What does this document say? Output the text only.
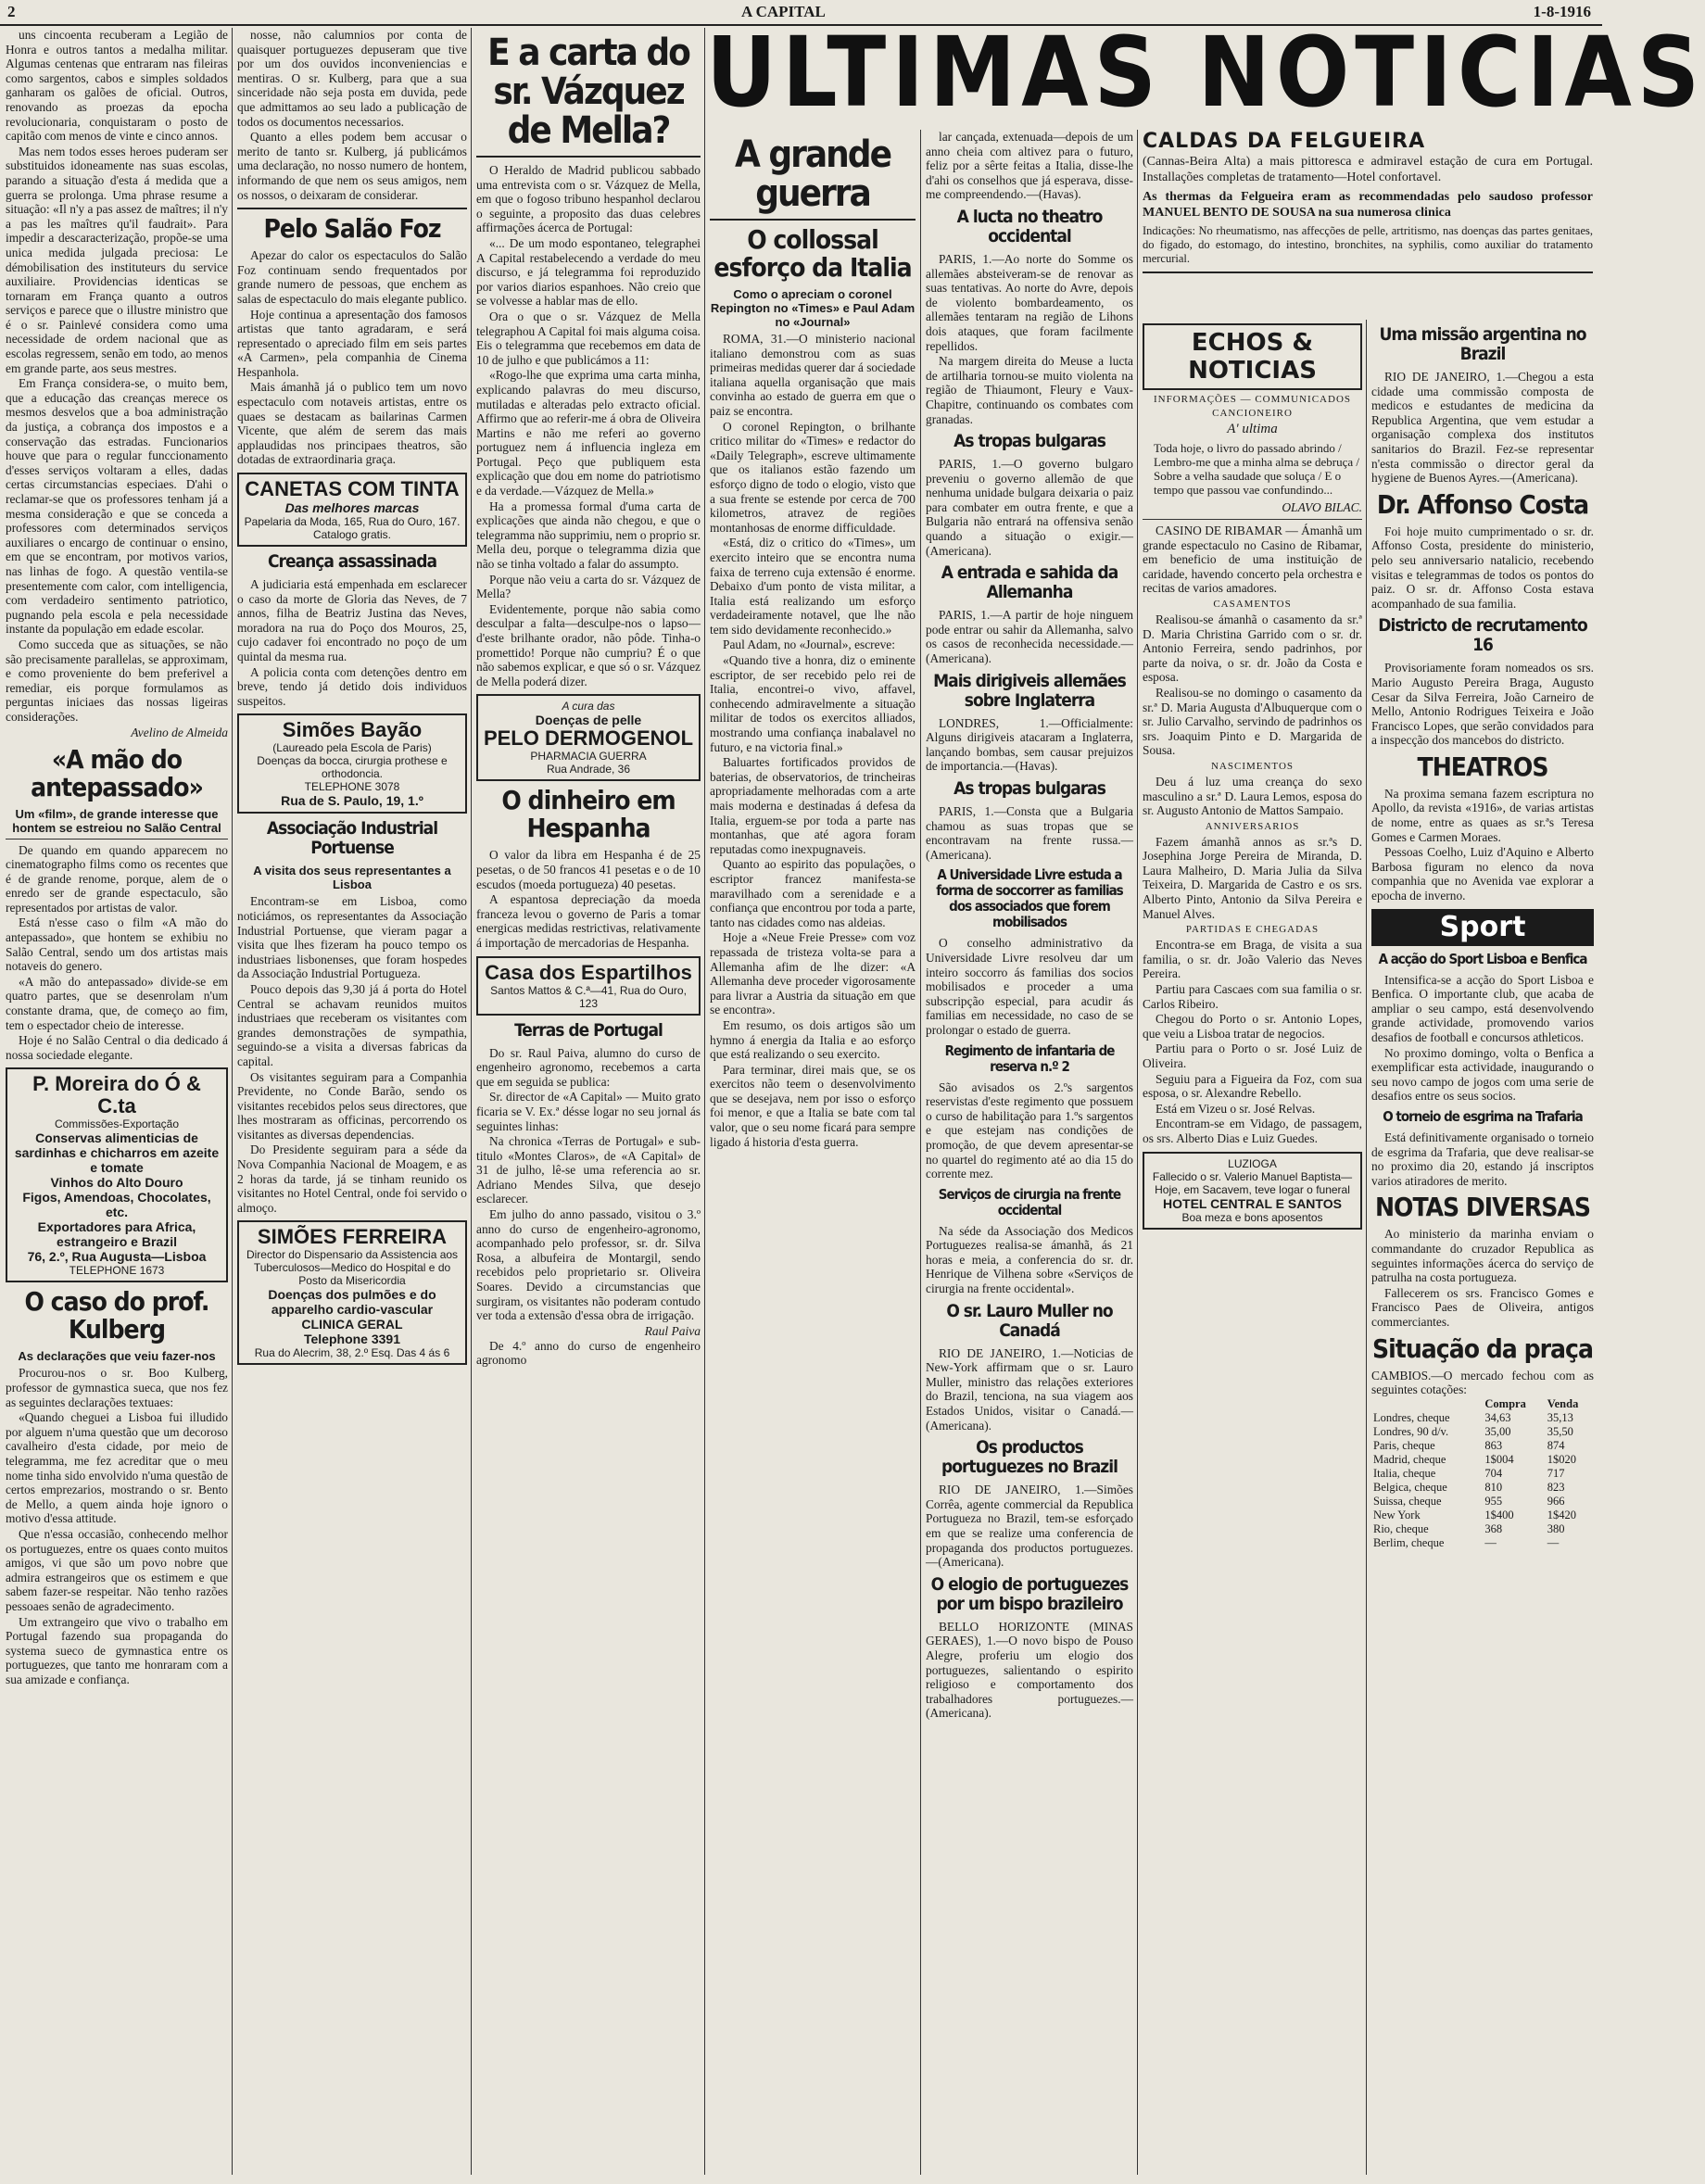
2	A CAPITAL	1-8-1916
ULTIMAS NOTICIAS

uns cincoenta recuberam a Legião de Honra e outros tantos a medalha militar. Algumas centenas que entraram nas fileiras como sargentos, cabos e simples soldados ganharam os galões de oficial. Outros, renovando as proezas da epocha revolucionaria, conquistaram o posto de capitão com menos de vinte e cinco annos.

Mas nem todos esses heroes puderam ser substituidos idoneamente nas suas escolas, parando a situação d'esta á medida que a guerra se prolonga. Uma phrase resume a situação: «Il n'y a pas assez de maîtres; il n'y a pas les maîtres qu'il faudrait». Para impedir a descaracterização, propõe-se uma unica medida julgada preciosa: Le démobilisation des instituteurs du service auxiliaire. Providencias identicas se tornaram em França quanto a outros serviços e parece que o illustre ministro que é o sr. Painlevé considera como uma necessidade de ordem nacional que as escolas regressem, senão em todo, ao menos em grande parte, aos seus mestres.

Em França considera-se, o muito bem, que a educação das creanças merece os mesmos desvelos que a boa administração da justiça, a cobrança dos impostos e a conservação das estradas. Funcionarios houve que para o regular funccionamento d'esses serviços voltaram a elles, dadas certas circumstancias especiaes. D'ahi o reclamar-se que os professores tenham já a mesma consideração e que se conceda a professores com determinados serviços auxiliares o encargo de continuar o ensino, em que se encontram, por motivos varios, nas linhas de fogo. A questão ventila-se presentemente com calor, com intelligencia, com verdadeiro sentimento patriotico, pugnando pela escola e pela necessidade instante da população em edade escolar.

Como succeda que as situações, se não são precisamente parallelas, se approximam, e como proveniente do bem preferivel a remediar, eis porque formulamos as perguntas iniciaes das nossas ligeiras considerações.

Avelino de Almeida
«A mão do antepassado»
Um «film», de grande interesse que hontem se estreiou no Salão Central

De quando em quando apparecem no cinematographo films como os recentes que é de grande renome, porque, alem de o enredo ser de grande espectaculo, são representados por artistas de valor.

Está n'esse caso o film «A mão do antepassado», que hontem se exhibiu no Salão Central, sendo um dos artistas mais notaveis do genero.

«A mão do antepassado» divide-se em quatro partes, que se desenrolam n'um constante drama, que, de começo ao fim, tem o espectador cheio de interesse.

Hoje é no Salão Central o dia dedicado á nossa sociedade elegante.

P. Moreira do Ó & C.ta
Commissões-Exportação
Conservas alimenticias de sardinhas e chicharros em azeite e tomate
Vinhos do Alto Douro
Figos, Amendoas, Chocolates, etc.
Exportadores para Africa, estrangeiro e Brazil
76, 2.º, Rua Augusta—Lisboa
TELEPHONE 1673
O caso do prof. Kulberg
As declarações que veiu fazer-nos

Procurou-nos o sr. Boo Kulberg, professor de gymnastica sueca, que nos fez as seguintes declarações textuaes:

«Quando cheguei a Lisboa fui illudido por alguem n'uma questão que um decoroso cavalheiro d'esta cidade, por meio de telegramma, me fez acreditar que o meu nome tinha sido envolvido n'uma questão de certos emprezarios, mostrando o sr. Bento de Mello, a quem ainda hoje ignoro o motivo d'essa attitude.

Que n'essa occasião, conhecendo melhor os portuguezes, entre os quaes conto muitos amigos, vi que são um povo nobre que admira estrangeiros que os estimem e que sabem fazer-se respeitar. Não tenho razões pessoaes senão de agradecimento.

Um extrangeiro que vivo o trabalho em Portugal fazendo sua propaganda do systema sueco de gymnastica entre os portuguezes, que tanto me honraram com a sua amizade e confiança.

nosse, não calumnios por conta de quaisquer portuguezes depuseram que tive por um dos ouvidos inconveniencias e mentiras. O sr. Kulberg, para que a sua sinceridade não seja posta em duvida, pede que admittamos ao seu lado a publicação de todos os documentos necessarios.

Quanto a elles podem bem accusar o merito de tanto sr. Kulberg, já publicámos uma declaração, no nosso numero de hontem, informando de que nem os seus amigos, nem os nossos, o deixaram de considerar.

Pelo Salão Foz

Apezar do calor os espectaculos do Salão Foz continuam sendo frequentados por grande numero de pessoas, que enchem as salas de espectaculo do mais elegante publico.

Hoje continua a apresentação dos famosos artistas que tanto agradaram, e será representado o apreciado film em seis partes «A Carmen», pela companhia de Cinema Hespanhola.

Mais ámanhã já o publico tem um novo espectaculo com notaveis artistas, entre os quaes se destacam as bailarinas Carmen Vicente, que além de serem das mais applaudidas nos principaes theatros, são dotadas de extraordinaria graça.

CANETAS COM TINTA
Das melhores marcas
Papelaria da Moda, 165, Rua do Ouro, 167. Catalogo gratis.
Creança assassinada

A judiciaria está empenhada em esclarecer o caso da morte de Gloria das Neves, de 7 annos, filha de Beatriz Justina das Neves, moradora na rua do Poço dos Mouros, 25, cujo cadaver foi encontrado no poço de um quintal da mesma rua.

A policia conta com detenções dentro em breve, tendo já detido dois individuos suspeitos.

Simões Bayão
(Laureado pela Escola de Paris)
Doenças da bocca, cirurgia prothese e orthodoncia.
TELEPHONE 3078
Rua de S. Paulo, 19, 1.º
Associação Industrial Portuense
A visita dos seus representantes a Lisboa

Encontram-se em Lisboa, como noticiámos, os representantes da Associação Industrial Portuense, que vieram pagar a visita que lhes fizeram ha pouco tempo os industriaes lisbonenses, que foram hospedes da Associação Industrial Portugueza.

Pouco depois das 9,30 já á porta do Hotel Central se achavam reunidos muitos industriaes que receberam os visitantes com grandes demonstrações de sympathia, seguindo-se a visita a diversas fabricas da capital.

Os visitantes seguiram para a Companhia Previdente, no Conde Barão, sendo os visitantes recebidos pelos seus directores, que lhes mostraram as officinas, percorrendo os visitantes as diversas dependencias.

Do Presidente seguiram para a séde da Nova Companhia Nacional de Moagem, e as 2 horas da tarde, já se tinham reunido os visitantes no Hotel Central, onde foi servido o almoço.

SIMÕES FERREIRA
Director do Dispensario da Assistencia aos Tuberculosos—Medico do Hospital e do Posto da Misericordia
Doenças dos pulmões e do apparelho cardio-vascular
CLINICA GERAL
Telephone 3391
Rua do Alecrim, 38, 2.º Esq. Das 4 ás 6
E a carta do sr. Vázquez de Mella?

O Heraldo de Madrid publicou sabbado uma entrevista com o sr. Vázquez de Mella, em que o fogoso tribuno hespanhol declarou o seguinte, a proposito das duas celebres affirmações ácerca de Portugal:

«... De um modo espontaneo, telegraphei A Capital restabelecendo a verdade do meu discurso, e já telegramma foi reproduzido por varios diarios espanhoes. Não creio que se volvesse a hablar mas de ello.

Ora o que o sr. Vázquez de Mella telegraphou A Capital foi mais alguma coisa. Eis o telegramma que recebemos em data de 10 de julho e que publicámos a 11:

«Rogo-lhe que exprima uma carta minha, explicando palavras do meu discurso, mutiladas e alteradas pelo extracto oficial. Affirmo que ao referir-me á obra de Oliveira Martins e não me referi ao governo portuguez nem á influencia ingleza em Portugal. Peço que publiquem esta explicação que dou em nome do patriotismo e da verdade.—Vázquez de Mella.»

Ha a promessa formal d'uma carta de explicações que ainda não chegou, e que o telegramma não supprimiu, nem o proprio sr. Mella deu, porque o telegramma dizia que não se tinha voltado a falar do assumpto.

Porque não veiu a carta do sr. Vázquez de Mella?

Evidentemente, porque não sabia como desculpar a falta—desculpe-nos o lapso—d'este brilhante orador, não pôde. Tinha-o promettido! Porque não cumpriu? É o que não sabemos explicar, e que só o sr. Vázquez de Mella poderá dizer.

A cura das
Doenças de pelle
PELO DERMOGENOL
PHARMACIA GUERRA
Rua Andrade, 36
O dinheiro em Hespanha

O valor da libra em Hespanha é de 25 pesetas, o de 50 francos 41 pesetas e o de 10 escudos (moeda portugueza) 40 pesetas.

A espantosa depreciação da moeda franceza levou o governo de Paris a tomar energicas medidas restrictivas, relativamente á importação de mercadorias de Hespanha.

Casa dos Espartilhos
Santos Mattos & C.ª—41, Rua do Ouro, 123
Terras de Portugal

Do sr. Raul Paiva, alumno do curso de engenheiro agronomo, recebemos a carta que em seguida se publica:

Sr. director de «A Capital» — Muito grato ficaria se V. Ex.ª désse logar no seu jornal ás seguintes linhas:

Na chronica «Terras de Portugal» e sub-titulo «Montes Claros», de «A Capital» de 31 de julho, lê-se uma referencia ao sr. Adriano Mendes Silva, que desejo esclarecer.

Em julho do anno passado, visitou o 3.º anno do curso de engenheiro-agronomo, acompanhado pelo professor, sr. dr. Silva Rosa, a albufeira de Montargil, sendo recebidos pelo proprietario sr. Oliveira Soares. Devido a circumstancias que surgiram, os visitantes não poderam contudo ver toda a extensão d'essa obra de irrigação.

Raul Paiva

De 4.º anno do curso de engenheiro agronomo

A grande guerra
O collossal esforço da Italia
Como o apreciam o coronel Repington no «Times» e Paul Adam no «Journal»

ROMA, 31.—O ministerio nacional italiano demonstrou com as suas primeiras medidas querer dar á sociedade italiana aquella organisação que mais convinha ao estado de guerra em que o paiz se encontra.

O coronel Repington, o brilhante critico militar do «Times» e redactor do «Daily Telegraph», escreve ultimamente que os italianos estão fazendo um esforço digno de todo o elogio, visto que a sua frente se estende por cerca de 700 kilometros, atravez de regiões montanhosas de enorme difficuldade.

«Está, diz o critico do «Times», um exercito inteiro que se encontra numa faixa de terreno cuja extensão é enorme. Debaixo d'um ponto de vista militar, a Italia está realizando um esforço verdadeiramente notavel, que lhe não tem sido devidamente reconhecido.»

Paul Adam, no «Journal», escreve:

«Quando tive a honra, diz o eminente escriptor, de ser recebido pelo rei de Italia, encontrei-o vivo, affavel, conhecendo admiravelmente a situação militar de todos os exercitos alliados, mostrando uma confiança inabalavel no futuro, e na victoria final.»

Baluartes fortificados providos de baterias, de observatorios, de trincheiras apropriadamente melhoradas com a arte mais moderna e destinadas á defesa da Italia, erguem-se por toda a parte nas montanhas, que até agora foram reputadas como inexpugnaveis.

Quanto ao espirito das populações, o escriptor francez manifesta-se maravilhado com a serenidade e a confiança que encontrou por toda a parte, tanto nas cidades como nas aldeias.

Hoje a «Neue Freie Presse» com voz repassada de tristeza volta-se para a Allemanha afim de lhe dizer: «A Allemanha deve proceder vigorosamente para livrar a Austria da situação em que se encontra».

Em resumo, os dois artigos são um hymno á energia da Italia e ao esforço que está realizando o seu exercito.

Para terminar, direi mais que, se os exercitos não teem o desenvolvimento que se desejava, nem por isso o esforço foi menor, e que a Italia se bate com tal valor, que o seu nome ficará para sempre ligado á historia d'esta guerra.

lar cançada, extenuada—depois de um anno cheia com altivez para o futuro, feliz por a sêrte feitas a Italia, disse-lhe d'ahi os conselhos que já esperava, disse-me compreendendo.—(Havas).

A lucta no theatro occidental

PARIS, 1.—Ao norte do Somme os allemães absteiveram-se de renovar as suas tentativas. Ao norte do Avre, depois de violento bombardeamento, os allemães tentaram na região de Lihons dois ataques, que foram facilmente repellidos.

Na margem direita do Meuse a lucta de artilharia tornou-se muito violenta na região de Thiaumont, Fleury e Vaux-Chapitre, continuando os combates com granadas.

As tropas bulgaras

PARIS, 1.—O governo bulgaro preveniu o governo allemão de que nenhuma unidade bulgara deixaria o paiz para combater em outra frente, e que a Bulgaria não entrará na offensiva senão quando a situação o exigir.—(Americana).

A entrada e sahida da Allemanha

PARIS, 1.—A partir de hoje ninguem pode entrar ou sahir da Allemanha, salvo os casos de reconhecida necessidade.—(Americana).

Mais dirigiveis allemães sobre Inglaterra

LONDRES, 1.—Officialmente: Alguns dirigiveis atacaram a Inglaterra, lançando bombas, sem causar prejuizos de importancia.—(Havas).

As tropas bulgaras

PARIS, 1.—Consta que a Bulgaria chamou as suas tropas que se encontravam na frente russa.—(Americana).

A Universidade Livre estuda a forma de soccorrer as familias dos associados que forem mobilisados

O conselho administrativo da Universidade Livre resolveu dar um inteiro soccorro ás familias dos socios mobilisados e proceder a uma subscripção especial, para acudir ás familias em necessidade, no caso de se prolongar o estado de guerra.

Regimento de infantaria de reserva n.º 2

São avisados os 2.ºs sargentos reservistas d'este regimento que possuem o curso de habilitação para 1.ºs sargentos e que estejam nas condições de promoção, de que devem apresentar-se no quartel do regimento até ao dia 15 do corrente mez.

Serviços de cirurgia na frente occidental

Na séde da Associação dos Medicos Portuguezes realisa-se ámanhã, ás 21 horas e meia, a conferencia do sr. dr. Henrique de Vilhena sobre «Serviços de cirurgia na frente occidental».

O sr. Lauro Muller no Canadá

RIO DE JANEIRO, 1.—Noticias de New-York affirmam que o sr. Lauro Muller, ministro das relações exteriores do Brazil, tenciona, na sua viagem aos Estados Unidos, visitar o Canadá.—(Americana).

Os productos portuguezes no Brazil

RIO DE JANEIRO, 1.—Simões Corrêa, agente commercial da Republica Portugueza no Brazil, tem-se esforçado em que se realize uma conferencia de propaganda dos productos portuguezes.—(Americana).

O elogio de portuguezes por um bispo brazileiro

BELLO HORIZONTE (MINAS GERAES), 1.—O novo bispo de Pouso Alegre, proferiu um elogio dos portuguezes, salientando o espirito religioso e comportamento dos trabalhadores portuguezes.—(Americana).

CALDAS DA FELGUEIRA
(Cannas-Beira Alta) a mais pittoresca e admiravel estação de cura em Portugal. Installações completas de tratamento—Hotel confortavel.
As thermas da Felgueira eram as recommendadas pelo saudoso professor MANUEL BENTO DE SOUSA na sua numerosa clinica
Indicações: No rheumatismo, nas affecções de pelle, artritismo, nas doenças das partes genitaes, do figado, do estomago, do intestino, bronchites, na syphilis, como auxiliar do tratamento mercurial.
ECHOS & NOTICIAS
INFORMAÇÕES — COMMUNICADOS
CANCIONEIRO
A' ultima
Toda hoje, o livro do passado abrindo / Lembro-me que a minha alma se debruça / Sobre a velha saudade que soluça / E o tempo que passou vae confundindo...
OLAVO BILAC.

CASINO DE RIBAMAR — Ámanhã um grande espectaculo no Casino de Ribamar, em beneficio de uma instituição de caridade, havendo concerto pela orchestra e recitas de varios amadores.

CASAMENTOS

Realisou-se ámanhã o casamento da sr.ª D. Maria Christina Garrido com o sr. dr. Antonio Ferreira, sendo padrinhos, por parte da noiva, o sr. dr. João da Costa e esposa.

Realisou-se no domingo o casamento da sr.ª D. Maria Augusta d'Albuquerque com o sr. Julio Carvalho, servindo de padrinhos os srs. Joaquim Pinto e D. Margarida de Sousa.

NASCIMENTOS

Deu á luz uma creança do sexo masculino a sr.ª D. Laura Lemos, esposa do sr. Augusto Antonio de Mattos Sampaio.

ANNIVERSARIOS

Fazem ámanhã annos as sr.ªs D. Josephina Jorge Pereira de Miranda, D. Laura Malheiro, D. Maria Julia da Silva Teixeira, D. Margarida de Castro e os srs. Alberto Pinto, Antonio da Silva Pereira e Manuel Alves.

PARTIDAS E CHEGADAS

Encontra-se em Braga, de visita a sua familia, o sr. dr. João Valerio das Neves Pereira.

Partiu para Cascaes com sua familia o sr. Carlos Ribeiro.

Chegou do Porto o sr. Antonio Lopes, que veiu a Lisboa tratar de negocios.

Partiu para o Porto o sr. José Luiz de Oliveira.

Seguiu para a Figueira da Foz, com sua esposa, o sr. Alexandre Rebello.

Está em Vizeu o sr. José Relvas.

Encontram-se em Vidago, de passagem, os srs. Alberto Dias e Luiz Guedes.

LUZIOGA
Fallecido o sr. Valerio Manuel Baptista—Hoje, em Sacavem, teve logar o funeral
HOTEL CENTRAL E SANTOS
Boa meza e bons aposentos
Uma missão argentina no Brazil

RIO DE JANEIRO, 1.—Chegou a esta cidade uma commissão composta de medicos e estudantes de medicina da Republica Argentina, que vem estudar a organisação complexa dos institutos sanitarios do Brazil. Fez-se representar n'esta commissão o director geral da hygiene de Buenos Ayres.—(Americana).

Dr. Affonso Costa

Foi hoje muito cumprimentado o sr. dr. Affonso Costa, presidente do ministerio, pelo seu anniversario natalicio, recebendo visitas e telegrammas de todos os pontos do paiz. O sr. dr. Affonso Costa estava acompanhado de sua familia.

Districto de recrutamento 16

Provisoriamente foram nomeados os srs. Mario Augusto Pereira Braga, Augusto Cesar da Silva Ferreira, João Carneiro de Mello, Antonio Rodrigues Teixeira e João Francisco Lopes, que serão convidados para a inspecção dos mancebos do districto.

THEATROS

Na proxima semana fazem escriptura no Apollo, da revista «1916», de varias artistas de nome, entre as quaes as sr.ªs Teresa Gomes e Carmen Moraes.

Pessoas Coelho, Luiz d'Aquino e Alberto Barbosa figuram no elenco da nova companhia que no Avenida vae explorar a epocha de inverno.

Sport
A acção do Sport Lisboa e Benfica

Intensifica-se a acção do Sport Lisboa e Benfica. O importante club, que acaba de ampliar o seu campo, está desenvolvendo grande actividade, promovendo varios desafios de football e concursos athleticos.

No proximo domingo, volta o Benfica a exemplificar esta actividade, inaugurando o seu novo campo de jogos com uma serie de desafios entre os seus socios.

O torneio de esgrima na Trafaria

Está definitivamente organisado o torneio de esgrima da Trafaria, que deve realisar-se no proximo dia 20, estando já inscriptos varios atiradores de merito.

NOTAS DIVERSAS

Ao ministerio da marinha enviam o commandante do cruzador Republica as seguintes informações ácerca do serviço de patrulha na costa portugueza.

Fallecerem os srs. Francisco Gomes e Francisco Paes de Oliveira, antigos commerciantes.

Situação da praça
CAMBIOS.—O mercado fechou com as seguintes cotações:
	Compra	Venda
Londres, cheque	34,63	35,13
Londres, 90 d/v.	35,00	35,50
Paris, cheque	863	874
Madrid, cheque	1$004	1$020
Italia, cheque	704	717
Belgica, cheque	810	823
Suissa, cheque	955	966
New York	1$400	1$420
Rio, cheque	368	380
Berlim, cheque	—	—
